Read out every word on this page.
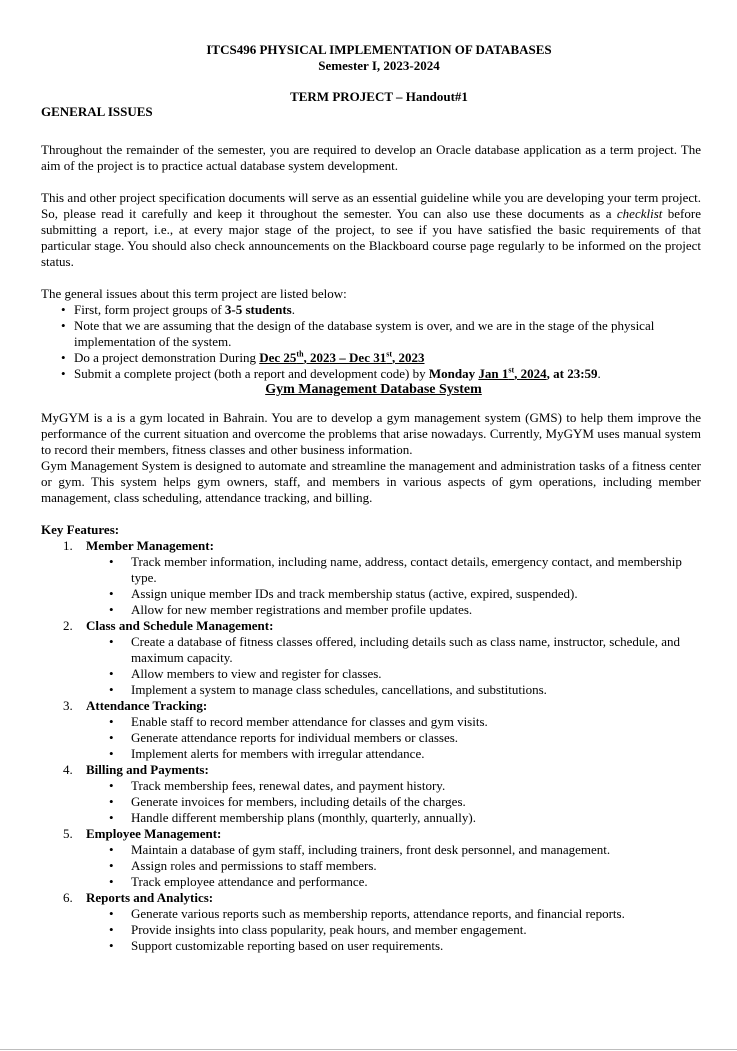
ITCS496 PHYSICAL IMPLEMENTATION OF DATABASES
Semester I, 2023-2024
TERM PROJECT – Handout#1
GENERAL ISSUES

Throughout the remainder of the semester, you are required to develop an Oracle database application as a term project. The aim of the project is to practice actual database system development.

This and other project specification documents will serve as an essential guideline while you are developing your term project. So, please read it carefully and keep it throughout the semester. You can also use these documents as a checklist before submitting a report, i.e., at every major stage of the project, to see if you have satisfied the basic requirements of that particular stage. You should also check announcements on the Blackboard course page regularly to be informed on the project status.

The general issues about this term project are listed below:

• First, form project groups of 3-5 students.
• Note that we are assuming that the design of the database system is over, and we are in the stage of the physical implementation of the system.
• Do a project demonstration During Dec 25th, 2023 – Dec 31st, 2023
• Submit a complete project (both a report and development code) by Monday Jan 1st, 2024, at 23:59.
Gym Management Database System

MyGYM is a is a gym located in Bahrain. You are to develop a gym management system (GMS) to help them improve the performance of the current situation and overcome the problems that arise nowadays. Currently, MyGYM uses manual system to record their members, fitness classes and other business information.

Gym Management System is designed to automate and streamline the management and administration tasks of a fitness center or gym. This system helps gym owners, staff, and members in various aspects of gym operations, including member management, class scheduling, attendance tracking, and billing.

Key Features:
1. Member Management:
• Track member information, including name, address, contact details, emergency contact, and membership type.
• Assign unique member IDs and track membership status (active, expired, suspended).
• Allow for new member registrations and member profile updates.
2. Class and Schedule Management:
• Create a database of fitness classes offered, including details such as class name, instructor, schedule, and maximum capacity.
• Allow members to view and register for classes.
• Implement a system to manage class schedules, cancellations, and substitutions.
3. Attendance Tracking:
• Enable staff to record member attendance for classes and gym visits.
• Generate attendance reports for individual members or classes.
• Implement alerts for members with irregular attendance.
4. Billing and Payments:
• Track membership fees, renewal dates, and payment history.
• Generate invoices for members, including details of the charges.
• Handle different membership plans (monthly, quarterly, annually).
5. Employee Management:
• Maintain a database of gym staff, including trainers, front desk personnel, and management.
• Assign roles and permissions to staff members.
• Track employee attendance and performance.
6. Reports and Analytics:
• Generate various reports such as membership reports, attendance reports, and financial reports.
• Provide insights into class popularity, peak hours, and member engagement.
• Support customizable reporting based on user requirements.
